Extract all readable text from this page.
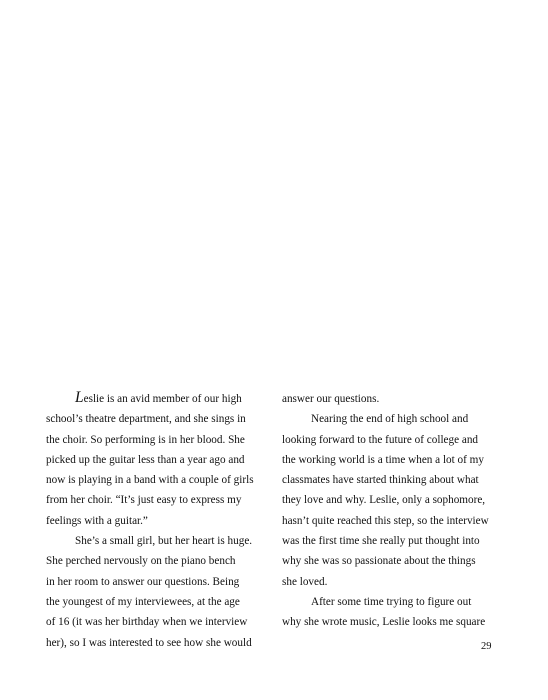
Leslie is an avid member of our high
school’s theatre department, and she sings in
the choir. So performing is in her blood. She
picked up the guitar less than a year ago and
now is playing in a band with a couple of girls
from her choir. “It’s just easy to express my
feelings with a guitar.”
She’s a small girl, but her heart is huge.
She perched nervously on the piano bench
in her room to answer our questions. Being
the youngest of my interviewees, at the age
of 16 (it was her birthday when we interview
her), so I was interested to see how she would
answer our questions.
Nearing the end of high school and
looking forward to the future of college and
the working world is a time when a lot of my
classmates have started thinking about what
they love and why. Leslie, only a sophomore,
hasn’t quite reached this step, so the interview
was the first time she really put thought into
why she was so passionate about the things
she loved.
After some time trying to figure out
why she wrote music, Leslie looks me square
29
